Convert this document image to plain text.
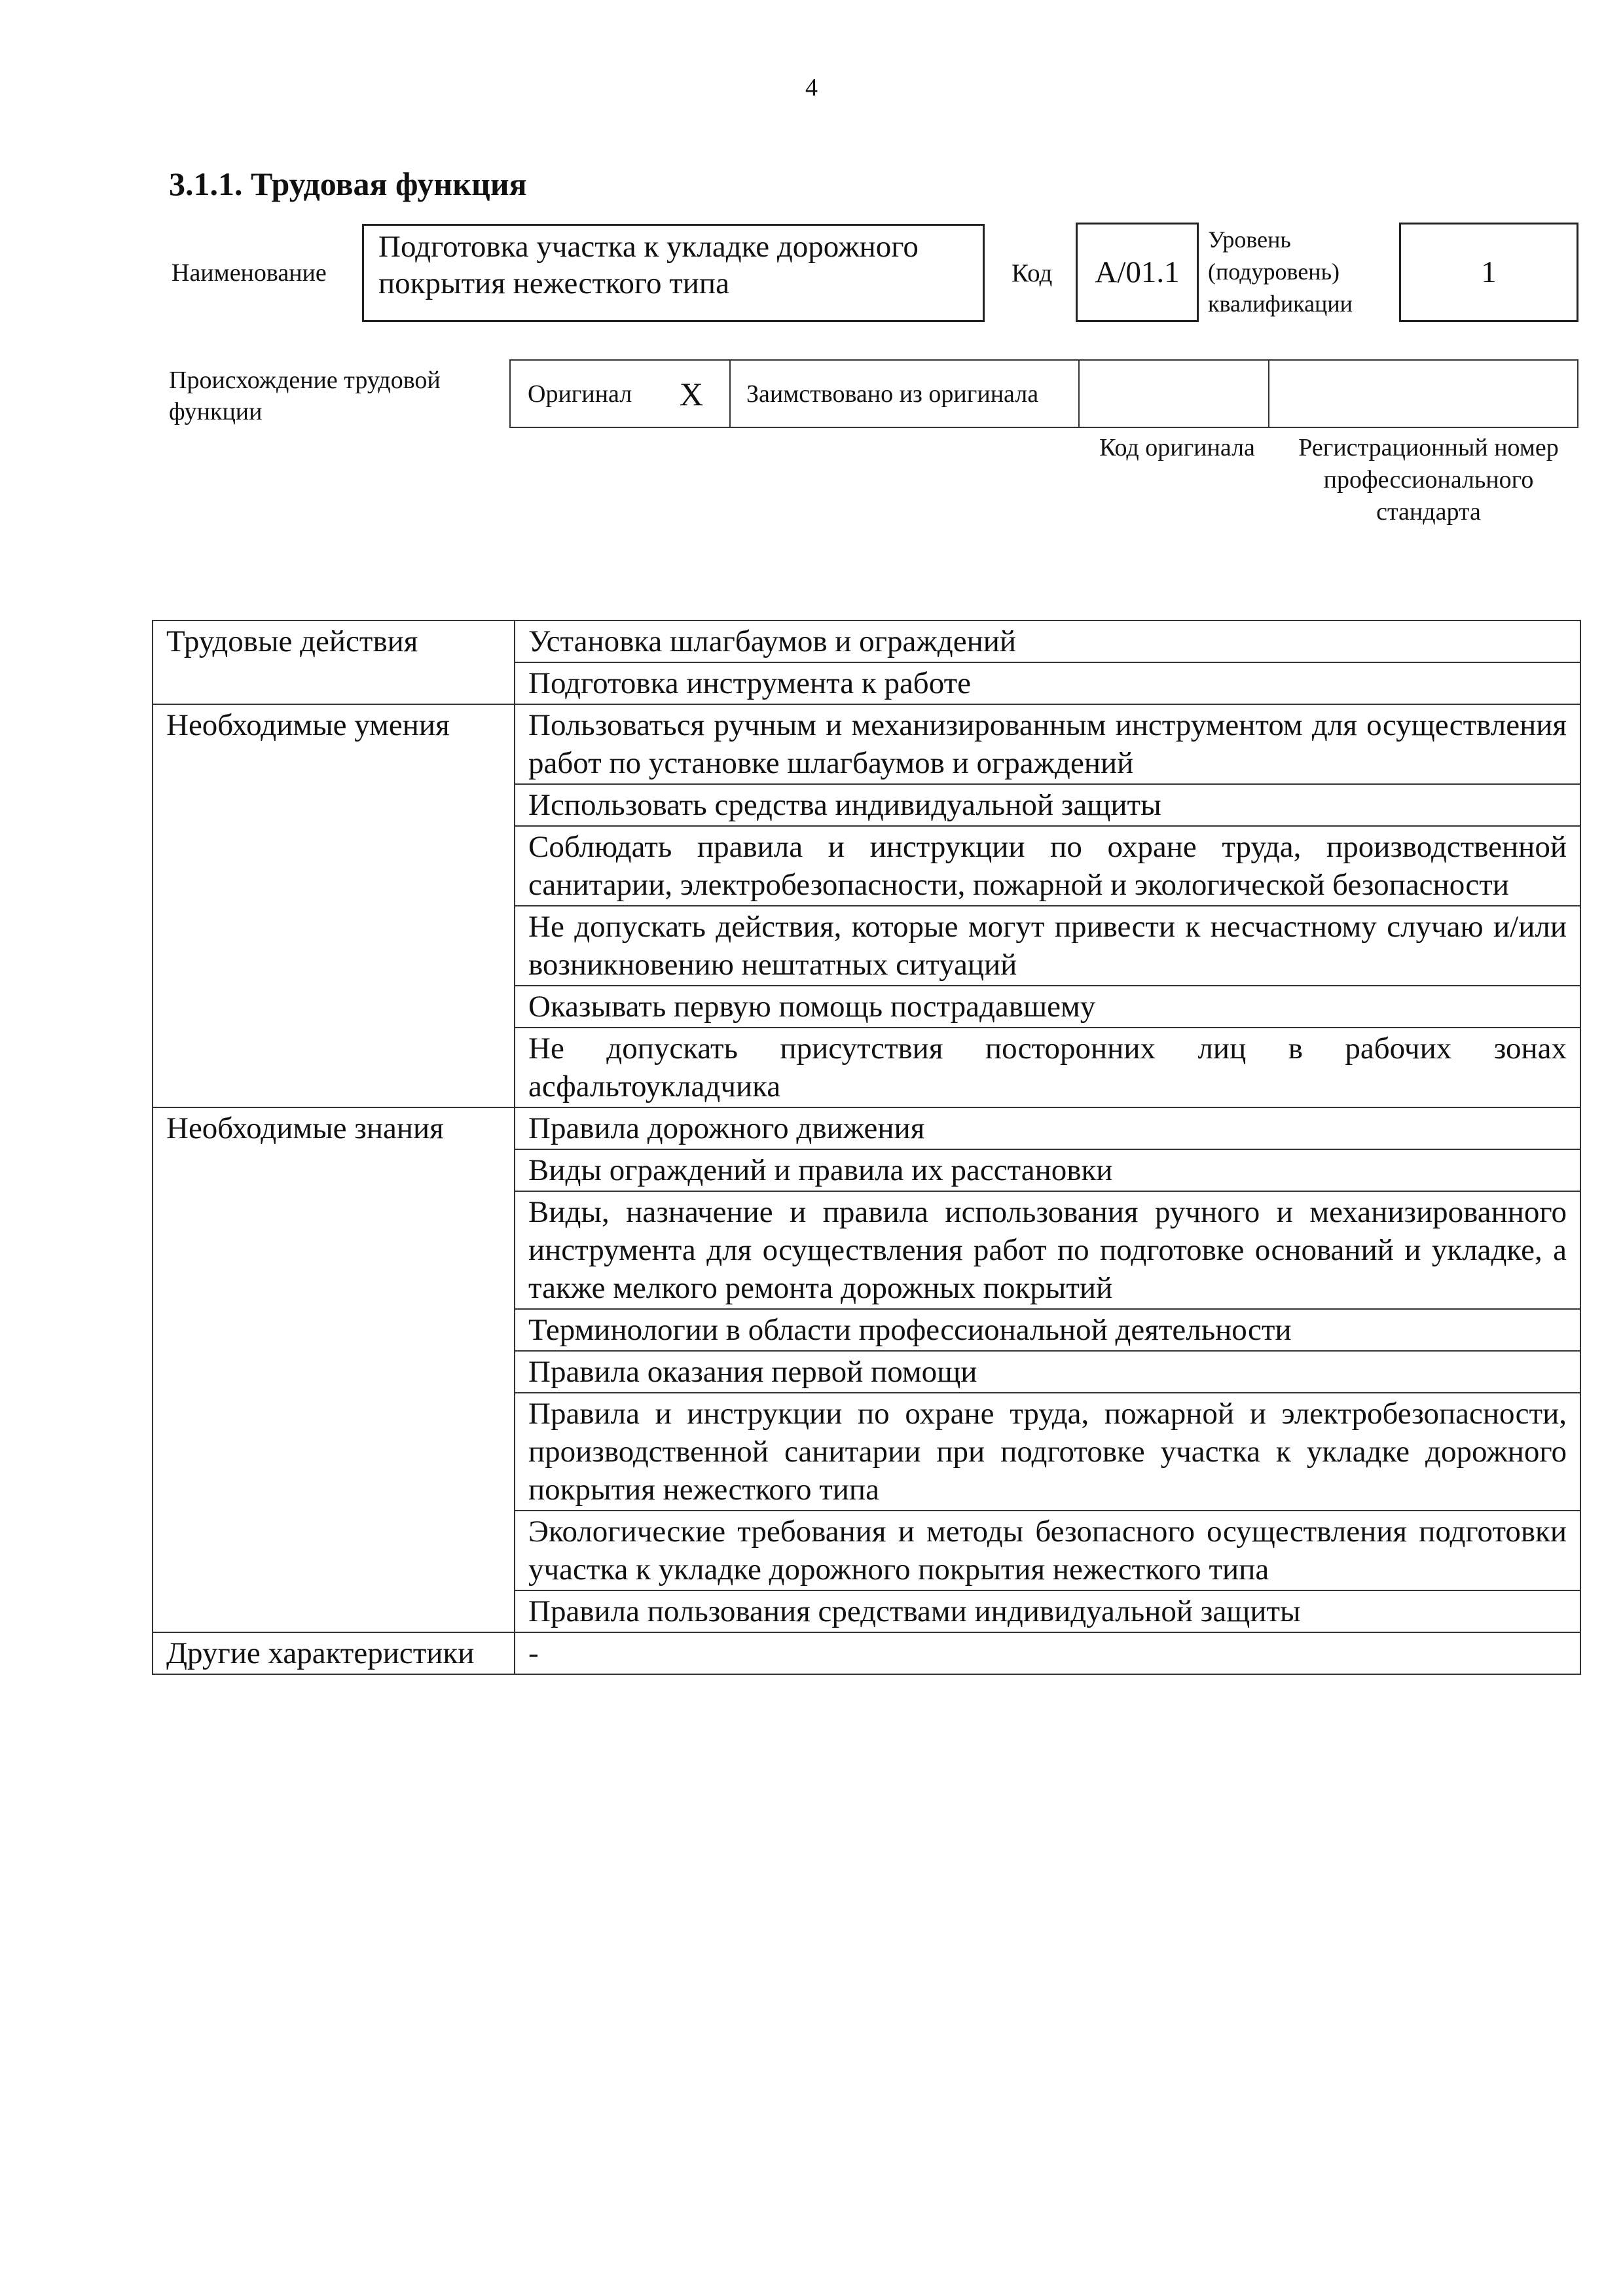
4
3.1.1. Трудовая функция
Наименование
Подготовка участка к укладке дорожного покрытия нежесткого типа	Код	А/01.1
Уровень (подуровень) квалификации
1
Происхождение трудовой функции
Оригинал X Заимствовано из оригинала
Код оригинала	Регистрационный номер профессионального стандарта
Трудовые действия	Установка шлагбаумов и ограждений
	Подготовка инструмента к работе
Необходимые умения	Пользоваться ручным и механизированным инструментом для осуществления работ по установке шлагбаумов и ограждений
	Использовать средства индивидуальной защиты
	Соблюдать правила и инструкции по охране труда, производственной санитарии, электробезопасности, пожарной и экологической безопасности
	Не допускать действия, которые могут привести к несчастному случаю и/или возникновению нештатных ситуаций
	Оказывать первую помощь пострадавшему
	Не допускать присутствия посторонних лиц в рабочих зонах асфальтоукладчика
Необходимые знания	Правила дорожного движения
	Виды ограждений и правила их расстановки
	Виды, назначение и правила использования ручного и механизированного инструмента для осуществления работ по подготовке оснований и укладке, а также мелкого ремонта дорожных покрытий
	Терминологии в области профессиональной деятельности
	Правила оказания первой помощи
	Правила и инструкции по охране труда, пожарной и электробезопасности, производственной санитарии при подготовке участка к укладке дорожного покрытия нежесткого типа
	Экологические требования и методы безопасного осуществления подготовки участка к укладке дорожного покрытия нежесткого типа
	Правила пользования средствами индивидуальной защиты
Другие характеристики	-
